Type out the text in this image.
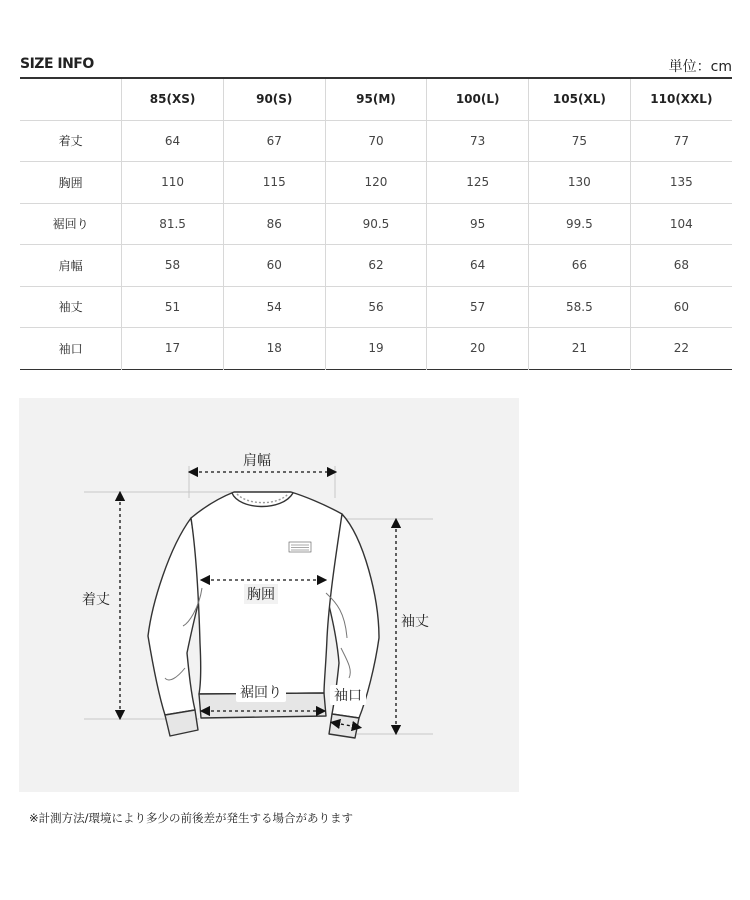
SIZE INFO	単位：cm
	85(XS)	90(S)	95(M)	100(L)	105(XL)	110(XXL)
着丈	64	67	70	73	75	77
胸囲	110	115	120	125	130	135
裾回り	81.5	86	90.5	95	99.5	104
肩幅	58	60	62	64	66	68
袖丈	51	54	56	57	58.5	60
袖口	17	18	19	20	21	22
肩幅
着丈	胸囲
袖丈
裾回り	袖口
※計測方法/環境により多少の前後差が発生する場合があります
